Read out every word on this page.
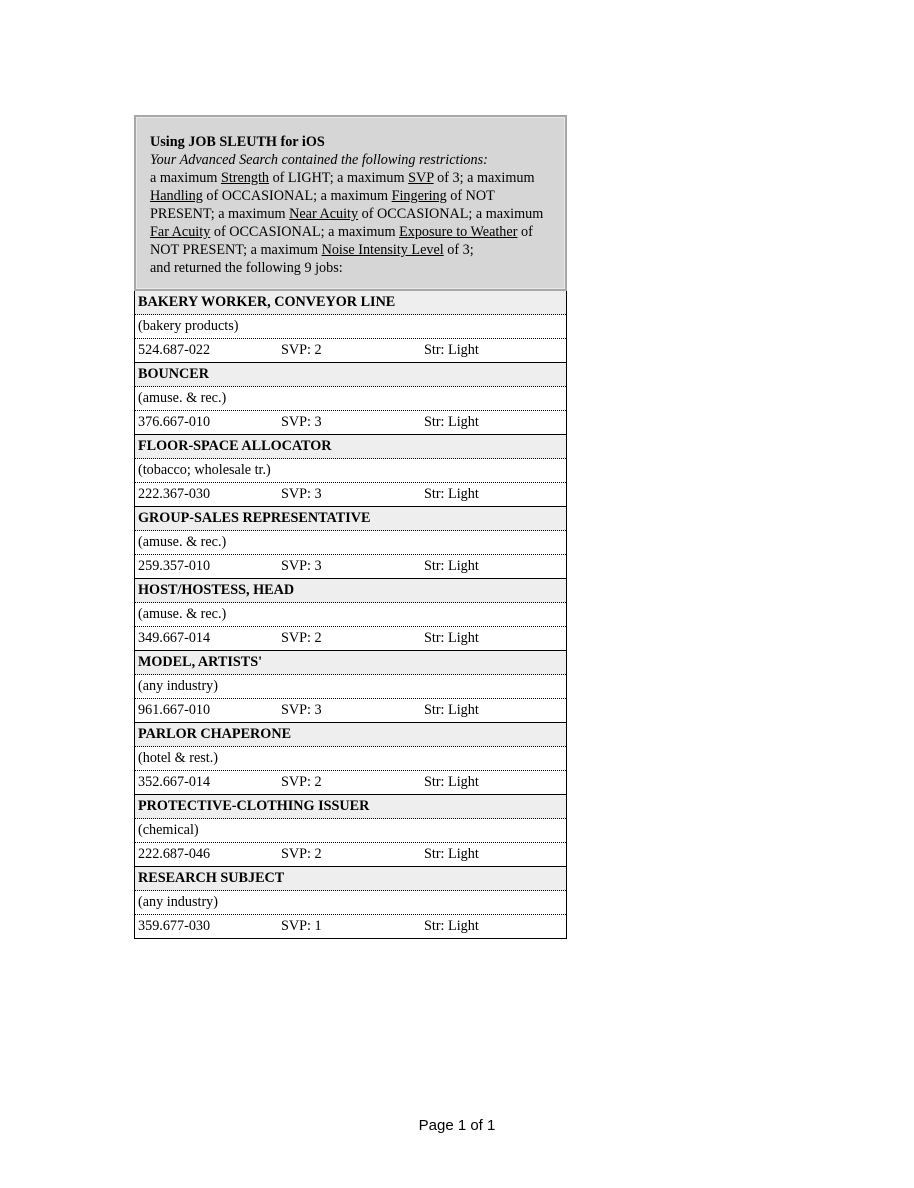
Using JOB SLEUTH for iOS
Your Advanced Search contained the following restrictions:
a maximum Strength of LIGHT; a maximum SVP of 3; a maximum Handling of OCCASIONAL; a maximum Fingering of NOT PRESENT; a maximum Near Acuity of OCCASIONAL; a maximum Far Acuity of OCCASIONAL; a maximum Exposure to Weather of NOT PRESENT; a maximum Noise Intensity Level of 3;
and returned the following 9 jobs:
BAKERY WORKER, CONVEYOR LINE
(bakery products)
524.687-022	SVP: 2	Str: Light
BOUNCER
(amuse. & rec.)
376.667-010	SVP: 3	Str: Light
FLOOR-SPACE ALLOCATOR
(tobacco; wholesale tr.)
222.367-030	SVP: 3	Str: Light
GROUP-SALES REPRESENTATIVE
(amuse. & rec.)
259.357-010	SVP: 3	Str: Light
HOST/HOSTESS, HEAD
(amuse. & rec.)
349.667-014	SVP: 2	Str: Light
MODEL, ARTISTS'
(any industry)
961.667-010	SVP: 3	Str: Light
PARLOR CHAPERONE
(hotel & rest.)
352.667-014	SVP: 2	Str: Light
PROTECTIVE-CLOTHING ISSUER
(chemical)
222.687-046	SVP: 2	Str: Light
RESEARCH SUBJECT
(any industry)
359.677-030	SVP: 1	Str: Light
Page 1 of 1
